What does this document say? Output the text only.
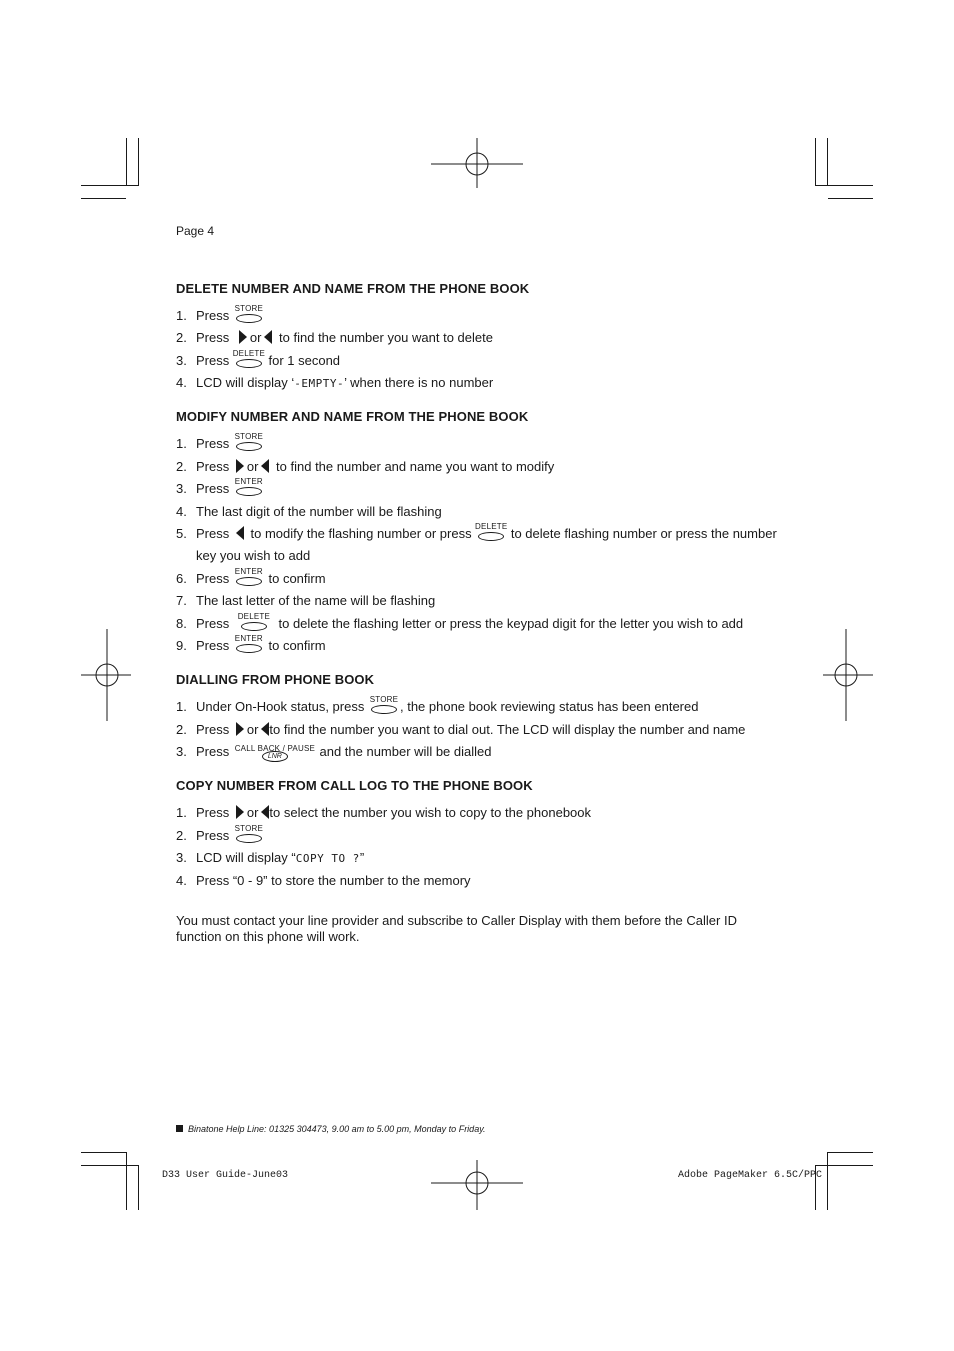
Page 4
DELETE NUMBER AND NAME FROM THE PHONE BOOK
1. Press STORE
2. Press or to find the number you want to delete
3. Press DELETE for 1 second
4. LCD will display ‘-EMPTY-’ when there is no number
MODIFY NUMBER AND NAME FROM THE PHONE BOOK
1. Press STORE
2. Press or to find the number and name you want to modify
3. Press ENTER
4. The last digit of the number will be flashing
5. Press to modify the flashing number or press DELETE to delete flashing number or press the number
key you wish to add
6. Press ENTER to confirm
7. The last letter of the name will be flashing
8. Press DELETE to delete the flashing letter or press the keypad digit for the letter you wish to add
9. Press ENTER to confirm
DIALLING FROM PHONE BOOK
1. Under On-Hook status, press STORE , the phone book reviewing status has been entered
2. Press or to find the number you want to dial out. The LCD will display the number and name
3. Press CALL BACK / PAUSE
LNR	and the number will be dialled
COPY NUMBER FROM CALL LOG TO THE PHONE BOOK
1. Press or to select the number you wish to copy to the phonebook
2. Press STORE
3. LCD will display “COPY TO ?”
4. Press “0 - 9” to store the number to the memory
You must contact your line provider and subscribe to Caller Display with them before the Caller ID function on this phone will work.
Binatone Help Line: 01325 304473, 9.00 am to 5.00 pm, Monday to Friday.
D33 User Guide-June03	Adobe PageMaker 6.5C/PPC
